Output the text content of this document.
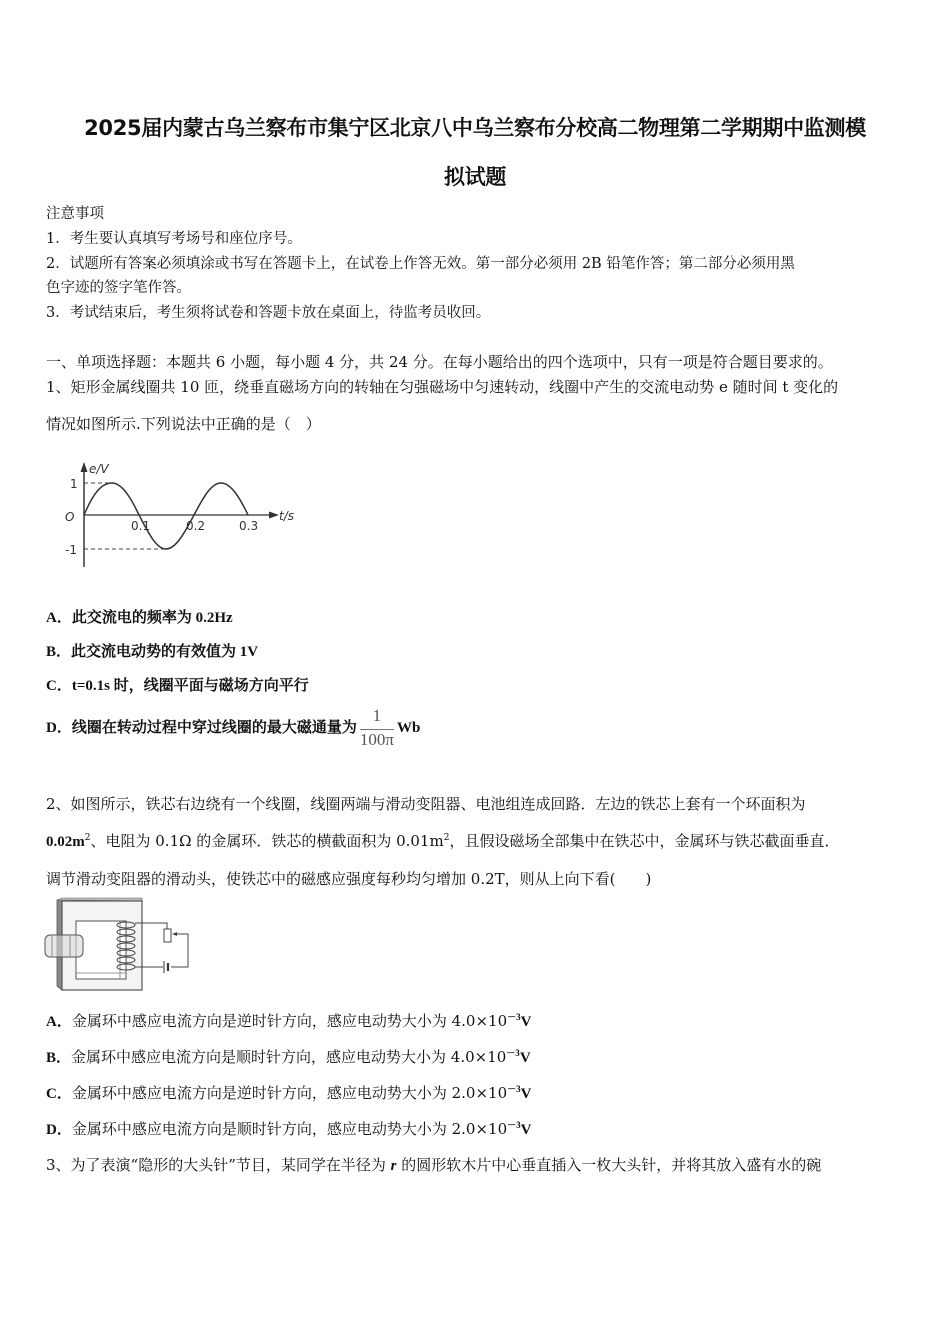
2025届内蒙古乌兰察布市集宁区北京八中乌兰察布分校高二物理第二学期期中监测模
拟试题
注意事项
1．考生要认真填写考场号和座位序号。
2．试题所有答案必须填涂或书写在答题卡上，在试卷上作答无效。第一部分必须用 2B 铅笔作答；第二部分必须用黑
色字迹的签字笔作答。
3．考试结束后，考生须将试卷和答题卡放在桌面上，待监考员收回。
一、单项选择题：本题共 6 小题，每小题 4 分，共 24 分。在每小题给出的四个选项中，只有一项是符合题目要求的。
1、矩形金属线圈共 10 匝，绕垂直磁场方向的转轴在匀强磁场中匀速转动，线圈中产生的交流电动势 e 随时间 t 变化的
情况如图所示.下列说法中正确的是（　）
e/V
1
-1
O
0.1	0.2	0.3
t/s
A．此交流电的频率为 0.2Hz
B．此交流电动势的有效值为 1V
C．t=0.1s 时，线圈平面与磁场方向平行
D．线圈在转动过程中穿过线圈的最大磁通量为 $\frac{1}{100\pi}$ Wb
2、如图所示，铁芯右边绕有一个线圈，线圈两端与滑动变阻器、电池组连成回路．左边的铁芯上套有一个环面积为
$0.02m^2$、电阻为 0.1Ω 的金属环．铁芯的横截面积为 $0.01m^2$，且假设磁场全部集中在铁芯中，金属环与铁芯截面垂直．
调节滑动变阻器的滑动头，使铁芯中的磁感应强度每秒均匀增加 0.2T，则从上向下看(　　)
A．金属环中感应电流方向是逆时针方向，感应电动势大小为 $4.0\times 10^{-3}V$
B．金属环中感应电流方向是顺时针方向，感应电动势大小为 $4.0\times 10^{-3}V$
C．金属环中感应电流方向是逆时针方向，感应电动势大小为 $2.0\times 10^{-3}V$
D．金属环中感应电流方向是顺时针方向，感应电动势大小为 $2.0\times 10^{-3}V$
3、为了表演“隐形的大头针”节目，某同学在半径为 r 的圆形软木片中心垂直插入一枚大头针，并将其放入盛有水的碗
